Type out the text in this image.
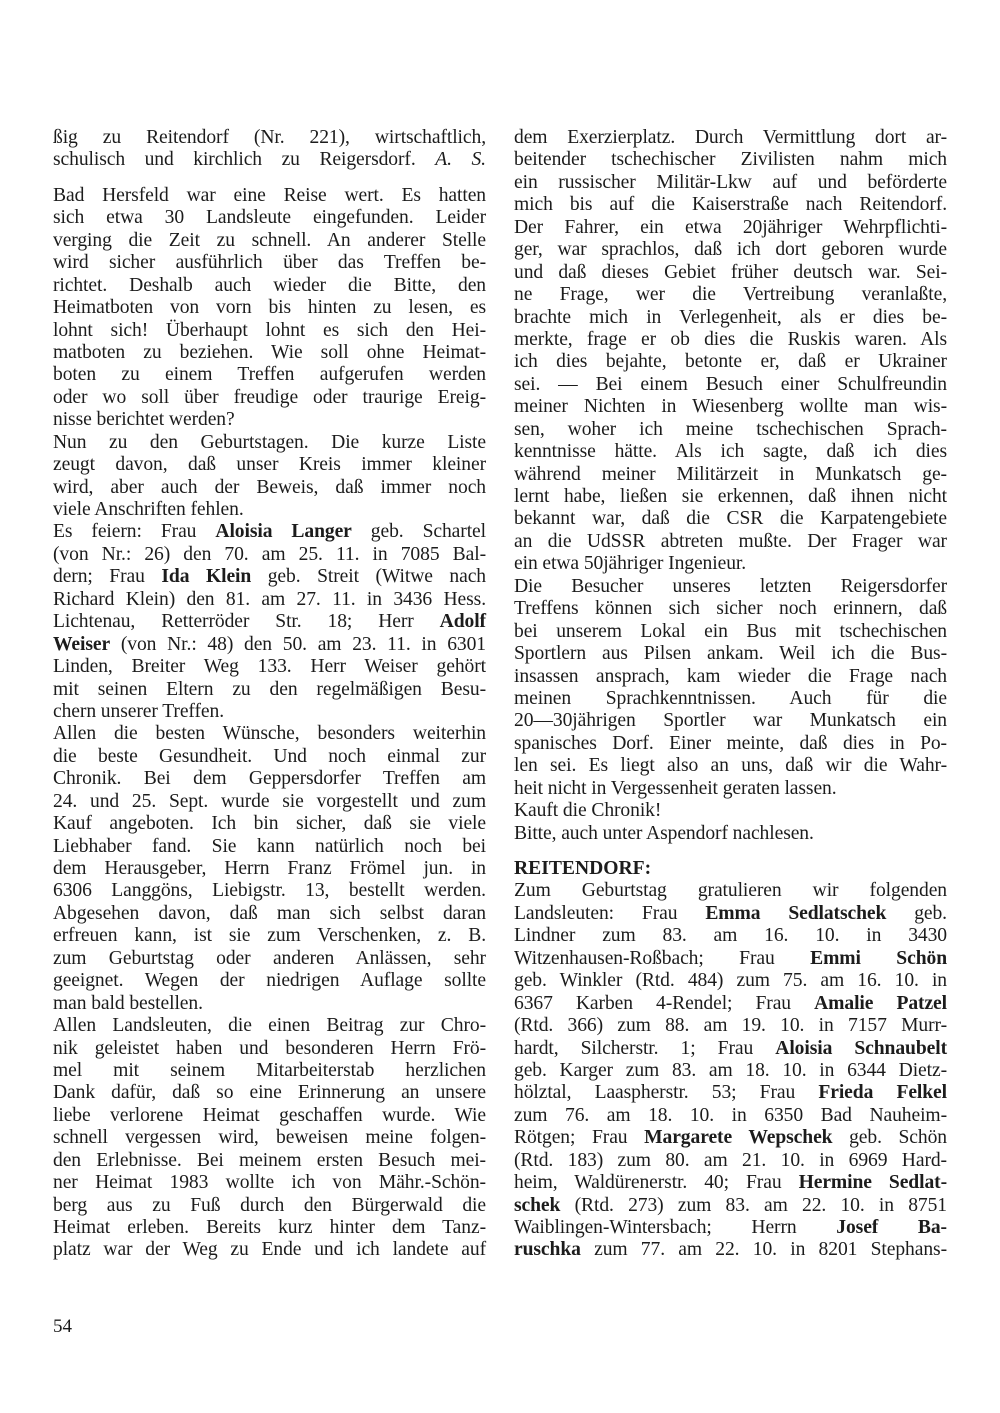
ßig zu Reitendorf (Nr. 221), wirtschaftlich,
schulisch und kirchlich zu Reigersdorf. A. S.
Bad Hersfeld war eine Reise wert. Es hatten
sich etwa 30 Landsleute eingefunden. Leider
verging die Zeit zu schnell. An anderer Stelle
wird sicher ausführlich über das Treffen be-
richtet. Deshalb auch wieder die Bitte, den
Heimatboten von vorn bis hinten zu lesen, es
lohnt sich! Überhaupt lohnt es sich den Hei-
matboten zu beziehen. Wie soll ohne Heimat-
boten zu einem Treffen aufgerufen werden
oder wo soll über freudige oder traurige Ereig-
nisse berichtet werden?
Nun zu den Geburtstagen. Die kurze Liste
zeugt davon, daß unser Kreis immer kleiner
wird, aber auch der Beweis, daß immer noch
viele Anschriften fehlen.
Es feiern: Frau Aloisia Langer geb. Schartel
(von Nr.: 26) den 70. am 25. 11. in 7085 Bal-
dern; Frau Ida Klein geb. Streit (Witwe nach
Richard Klein) den 81. am 27. 11. in 3436 Hess.
Lichtenau, Retterröder Str. 18; Herr Adolf
Weiser (von Nr.: 48) den 50. am 23. 11. in 6301
Linden, Breiter Weg 133. Herr Weiser gehört
mit seinen Eltern zu den regelmäßigen Besu-
chern unserer Treffen.
Allen die besten Wünsche, besonders weiterhin
die beste Gesundheit. Und noch einmal zur
Chronik. Bei dem Geppersdorfer Treffen am
24. und 25. Sept. wurde sie vorgestellt und zum
Kauf angeboten. Ich bin sicher, daß sie viele
Liebhaber fand. Sie kann natürlich noch bei
dem Herausgeber, Herrn Franz Frömel jun. in
6306 Langgöns, Liebigstr. 13, bestellt werden.
Abgesehen davon, daß man sich selbst daran
erfreuen kann, ist sie zum Verschenken, z. B.
zum Geburtstag oder anderen Anlässen, sehr
geeignet. Wegen der niedrigen Auflage sollte
man bald bestellen.
Allen Landsleuten, die einen Beitrag zur Chro-
nik geleistet haben und besonderen Herrn Frö-
mel mit seinem Mitarbeiterstab herzlichen
Dank dafür, daß so eine Erinnerung an unsere
liebe verlorene Heimat geschaffen wurde. Wie
schnell vergessen wird, beweisen meine folgen-
den Erlebnisse. Bei meinem ersten Besuch mei-
ner Heimat 1983 wollte ich von Mähr.-Schön-
berg aus zu Fuß durch den Bürgerwald die
Heimat erleben. Bereits kurz hinter dem Tanz-
platz war der Weg zu Ende und ich landete auf
dem Exerzierplatz. Durch Vermittlung dort ar-
beitender tschechischer Zivilisten nahm mich
ein russischer Militär-Lkw auf und beförderte
mich bis auf die Kaiserstraße nach Reitendorf.
Der Fahrer, ein etwa 20jähriger Wehrpflichti-
ger, war sprachlos, daß ich dort geboren wurde
und daß dieses Gebiet früher deutsch war. Sei-
ne Frage, wer die Vertreibung veranlaßte,
brachte mich in Verlegenheit, als er dies be-
merkte, frage er ob dies die Ruskis waren. Als
ich dies bejahte, betonte er, daß er Ukrainer
sei. — Bei einem Besuch einer Schulfreundin
meiner Nichten in Wiesenberg wollte man wis-
sen, woher ich meine tschechischen Sprach-
kenntnisse hätte. Als ich sagte, daß ich dies
während meiner Militärzeit in Munkatsch ge-
lernt habe, ließen sie erkennen, daß ihnen nicht
bekannt war, daß die CSR die Karpatengebiete
an die UdSSR abtreten mußte. Der Frager war
ein etwa 50jähriger Ingenieur.
Die Besucher unseres letzten Reigersdorfer
Treffens können sich sicher noch erinnern, daß
bei unserem Lokal ein Bus mit tschechischen
Sportlern aus Pilsen ankam. Weil ich die Bus-
insassen ansprach, kam wieder die Frage nach
meinen Sprachkenntnissen. Auch für die
20—30jährigen Sportler war Munkatsch ein
spanisches Dorf. Einer meinte, daß dies in Po-
len sei. Es liegt also an uns, daß wir die Wahr-
heit nicht in Vergessenheit geraten lassen.
Kauft die Chronik!
Bitte, auch unter Aspendorf nachlesen.
REITENDORF:
Zum Geburtstag gratulieren wir folgenden
Landsleuten: Frau Emma Sedlatschek geb.
Lindner zum 83. am 16. 10. in 3430
Witzenhausen-Roßbach; Frau Emmi Schön
geb. Winkler (Rtd. 484) zum 75. am 16. 10. in
6367 Karben 4-Rendel; Frau Amalie Patzel
(Rtd. 366) zum 88. am 19. 10. in 7157 Murr-
hardt, Silcherstr. 1; Frau Aloisia Schnaubelt
geb. Karger zum 83. am 18. 10. in 6344 Dietz-
hölztal, Laaspherstr. 53; Frau Frieda Felkel
zum 76. am 18. 10. in 6350 Bad Nauheim-
Rötgen; Frau Margarete Wepschek geb. Schön
(Rtd. 183) zum 80. am 21. 10. in 6969 Hard-
heim, Waldürenerstr. 40; Frau Hermine Sedlat-
schek (Rtd. 273) zum 83. am 22. 10. in 8751
Waiblingen-Wintersbach; Herrn Josef Ba-
ruschka zum 77. am 22. 10. in 8201 Stephans-
54
